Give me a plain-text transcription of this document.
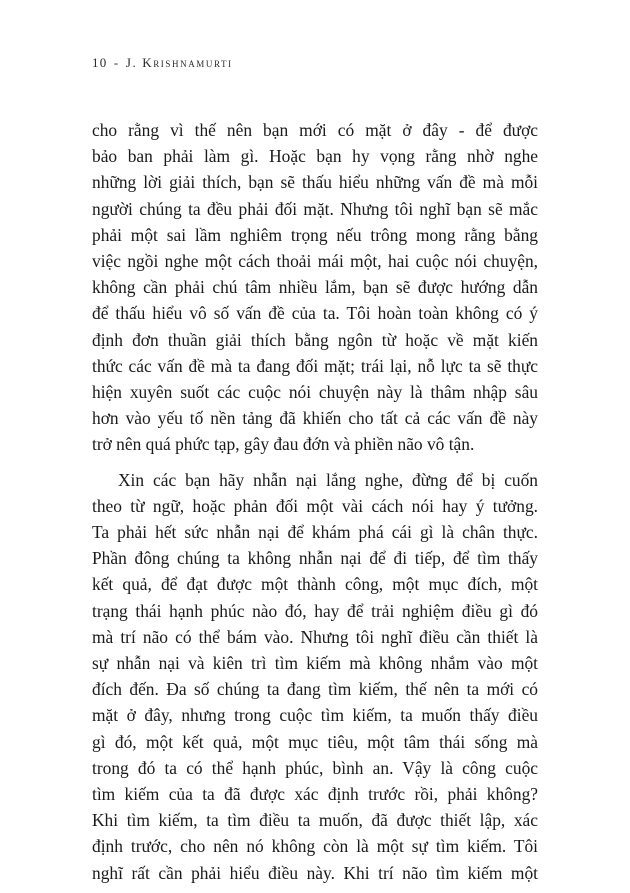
10 - J. Krishnamurti

cho rằng vì thế nên bạn mới có mặt ở đây - để được

bảo ban phải làm gì. Hoặc bạn hy vọng rằng nhờ nghe

những lời giải thích, bạn sẽ thấu hiểu những vấn đề mà mỗi

người chúng ta đều phải đối mặt. Nhưng tôi nghĩ bạn sẽ mắc

phải một sai lầm nghiêm trọng nếu trông mong rằng bằng

việc ngồi nghe một cách thoải mái một, hai cuộc nói chuyện,

không cần phải chú tâm nhiều lắm, bạn sẽ được hướng dẫn

để thấu hiểu vô số vấn đề của ta. Tôi hoàn toàn không có ý

định đơn thuần giải thích bằng ngôn từ hoặc về mặt kiến

thức các vấn đề mà ta đang đối mặt; trái lại, nỗ lực ta sẽ thực

hiện xuyên suốt các cuộc nói chuyện này là thâm nhập sâu

hơn vào yếu tố nền tảng đã khiến cho tất cả các vấn đề này

trở nên quá phức tạp, gây đau đớn và phiền não vô tận.

Xin các bạn hãy nhẫn nại lắng nghe, đừng để bị cuốn

theo từ ngữ, hoặc phản đối một vài cách nói hay ý tưởng.

Ta phải hết sức nhẫn nại để khám phá cái gì là chân thực.

Phần đông chúng ta không nhẫn nại để đi tiếp, để tìm thấy

kết quả, để đạt được một thành công, một mục đích, một

trạng thái hạnh phúc nào đó, hay để trải nghiệm điều gì đó

mà trí não có thể bám vào. Nhưng tôi nghĩ điều cần thiết là

sự nhẫn nại và kiên trì tìm kiếm mà không nhắm vào một

đích đến. Đa số chúng ta đang tìm kiếm, thế nên ta mới có

mặt ở đây, nhưng trong cuộc tìm kiếm, ta muốn thấy điều

gì đó, một kết quả, một mục tiêu, một tâm thái sống mà

trong đó ta có thể hạnh phúc, bình an. Vậy là công cuộc

tìm kiếm của ta đã được xác định trước rồi, phải không?

Khi tìm kiếm, ta tìm điều ta muốn, đã được thiết lập, xác

định trước, cho nên nó không còn là một sự tìm kiếm. Tôi

nghĩ rất cần phải hiểu điều này. Khi trí não tìm kiếm một
